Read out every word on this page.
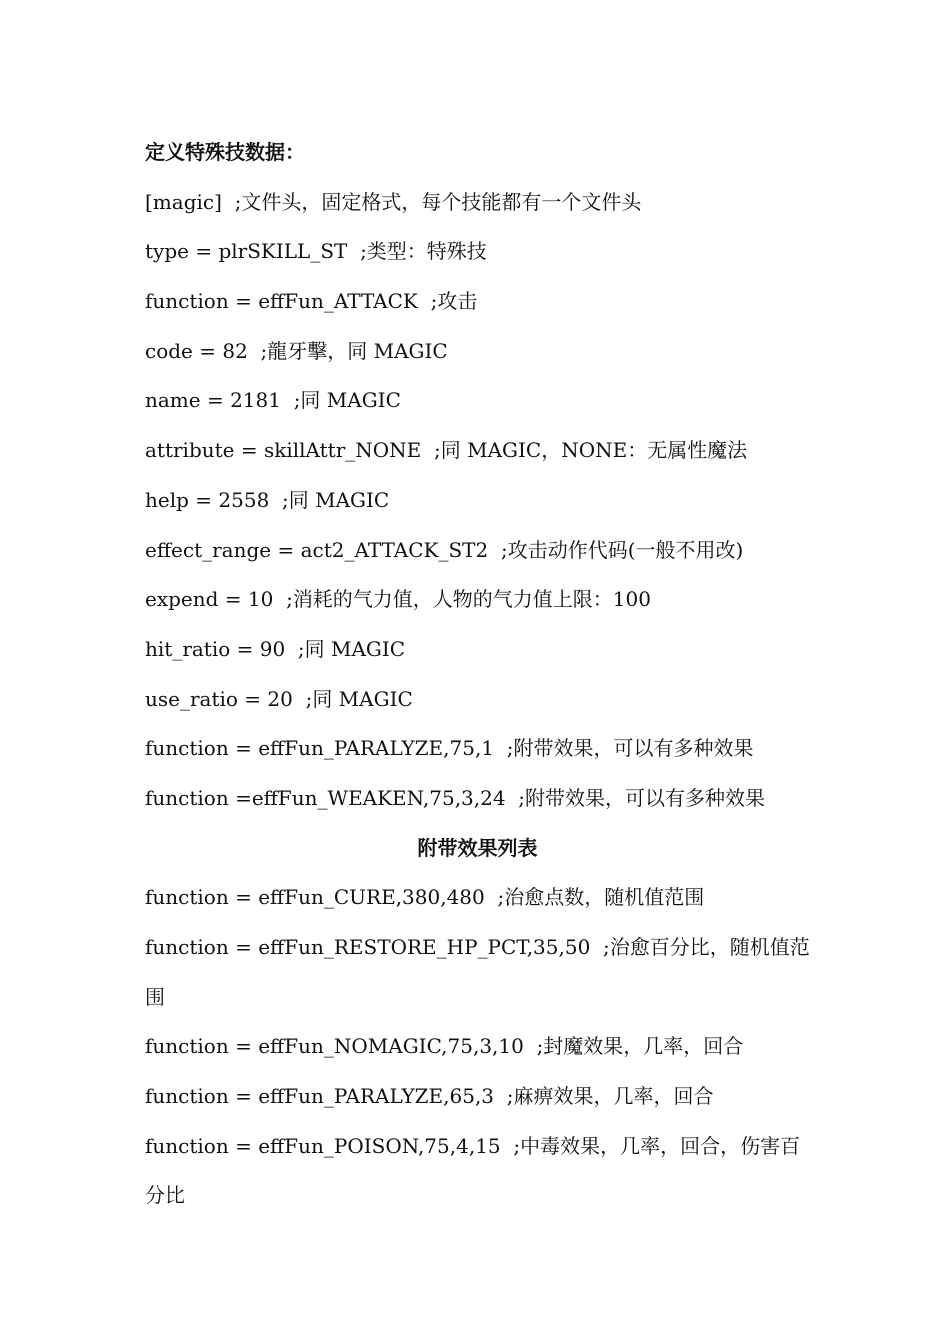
定义特殊技数据：
[magic]  ;文件头，固定格式，每个技能都有一个文件头
type = plrSKILL_ST  ;类型：特殊技
function = effFun_ATTACK  ;攻击
code = 82  ;龍牙擊，同 MAGIC
name = 2181  ;同 MAGIC
attribute = skillAttr_NONE  ;同 MAGIC，NONE：无属性魔法
help = 2558  ;同 MAGIC
effect_range = act2_ATTACK_ST2  ;攻击动作代码(一般不用改)
expend = 10  ;消耗的气力值，人物的气力值上限：100
hit_ratio = 90  ;同 MAGIC
use_ratio = 20  ;同 MAGIC
function = effFun_PARALYZE,75,1  ;附带效果，可以有多种效果
function =effFun_WEAKEN,75,3,24  ;附带效果，可以有多种效果
附带效果列表
function = effFun_CURE,380,480  ;治愈点数，随机值范围
function = effFun_RESTORE_HP_PCT,35,50  ;治愈百分比，随机值范围
function = effFun_NOMAGIC,75,3,10  ;封魔效果，几率，回合
function = effFun_PARALYZE,65,3  ;麻痹效果，几率，回合
function = effFun_POISON,75,4,15  ;中毒效果，几率，回合，伤害百分比
